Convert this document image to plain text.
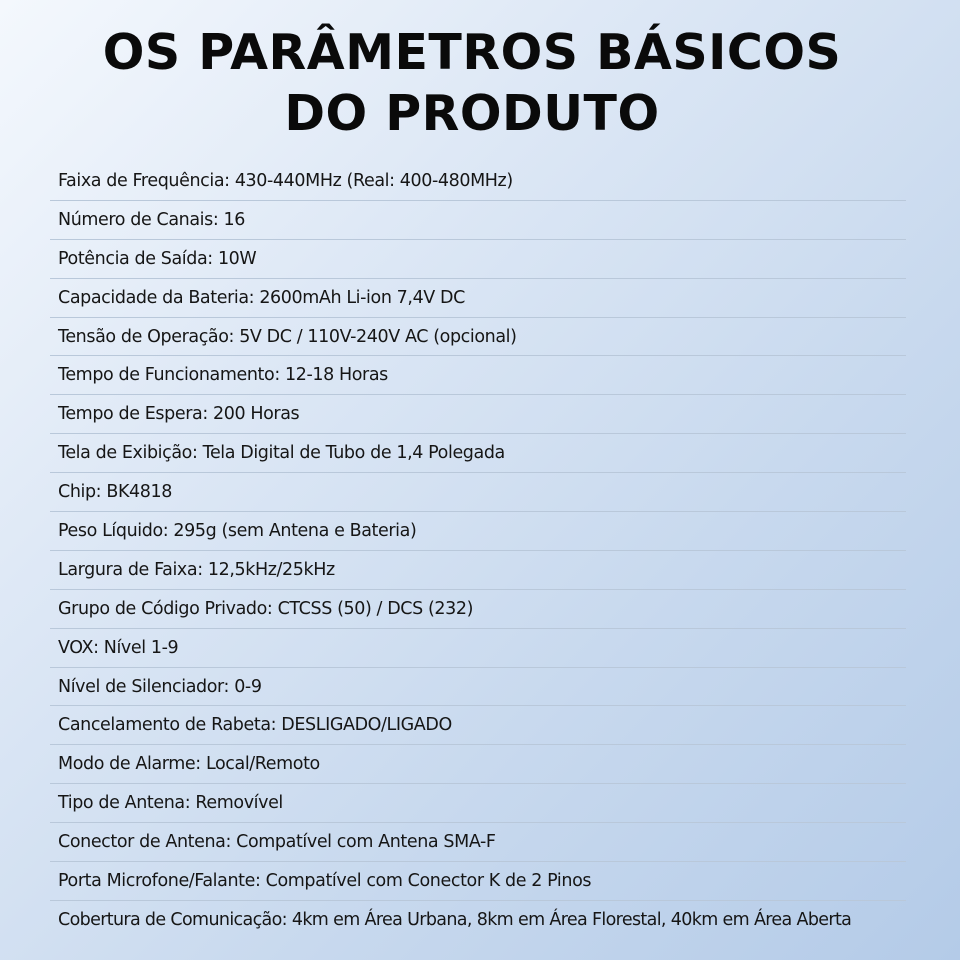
OS PARÂMETROS BÁSICOS
DO PRODUTO
Faixa de Frequência: 430-440MHz (Real: 400-480MHz)
Número de Canais: 16
Potência de Saída: 10W
Capacidade da Bateria: 2600mAh Li-ion 7,4V DC
Tensão de Operação: 5V DC / 110V-240V AC (opcional)
Tempo de Funcionamento: 12-18 Horas
Tempo de Espera: 200 Horas
Tela de Exibição: Tela Digital de Tubo de 1,4 Polegada
Chip: BK4818
Peso Líquido: 295g (sem Antena e Bateria)
Largura de Faixa: 12,5kHz/25kHz
Grupo de Código Privado: CTCSS (50) / DCS (232)
VOX: Nível 1-9
Nível de Silenciador: 0-9
Cancelamento de Rabeta: DESLIGADO/LIGADO
Modo de Alarme: Local/Remoto
Tipo de Antena: Removível
Conector de Antena: Compatível com Antena SMA-F
Porta Microfone/Falante: Compatível com Conector K de 2 Pinos
Cobertura de Comunicação: 4km em Área Urbana, 8km em Área Florestal, 40km em Área Aberta
